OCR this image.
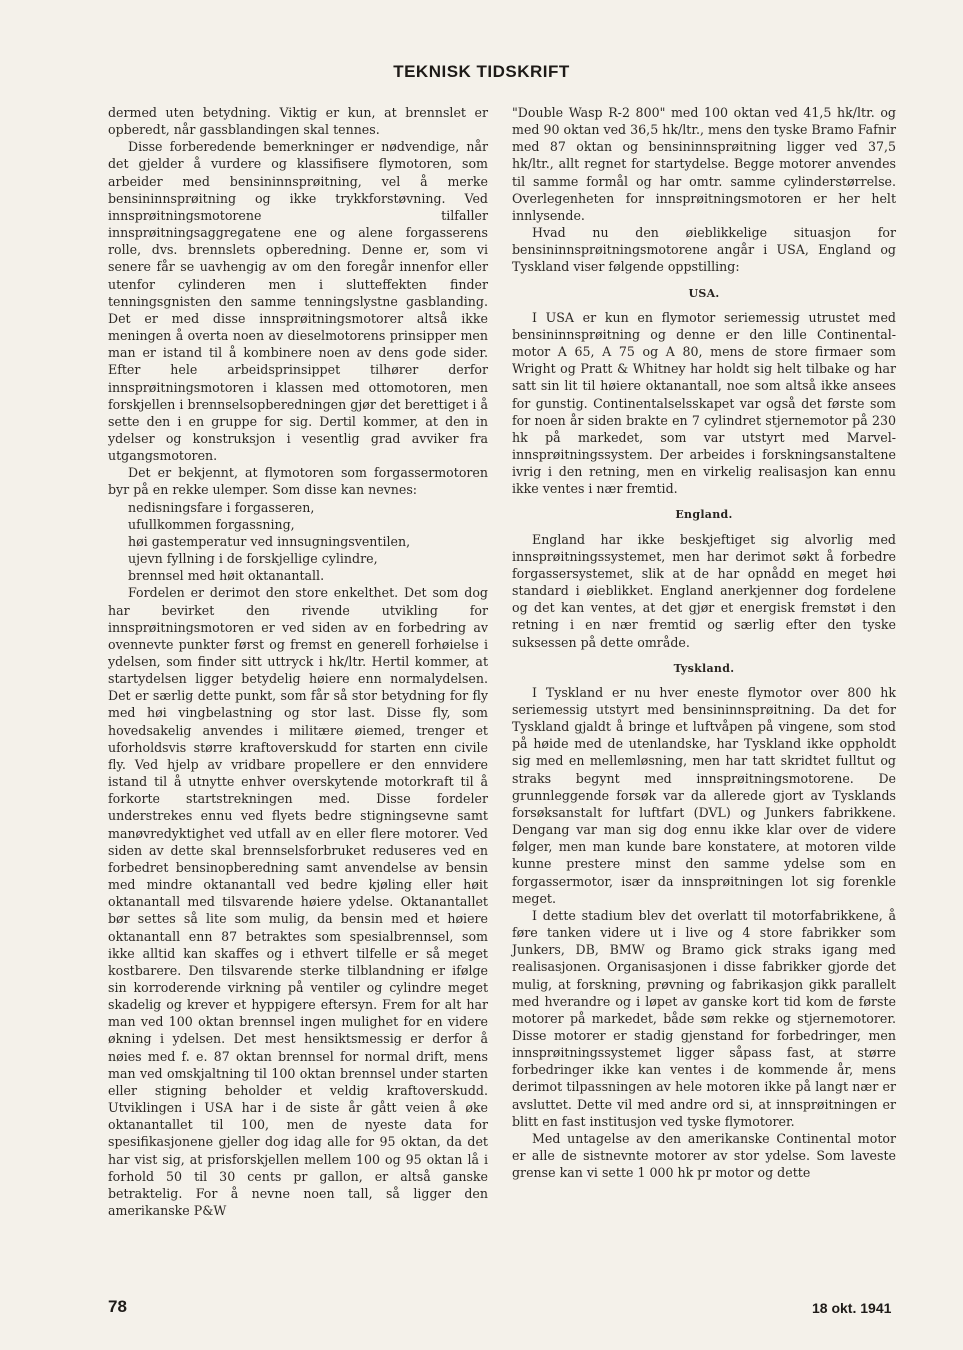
TEKNISK TIDSKRIFT

dermed uten betydning. Viktig er kun, at brennslet er opberedt, når gassblandingen skal tennes.

Disse forberedende bemerkninger er nødvendige, når det gjelder å vurdere og klassifisere flymotoren, som arbeider med bensininnsprøitning, vel å merke bensininnsprøitning og ikke trykkforstøvning. Ved innsprøitningsmotorene tilfaller innsprøitningsaggregatene ene og alene forgasserens rolle, dvs. brennslets opberedning. Denne er, som vi senere får se uavhengig av om den foregår innenfor eller utenfor cylinderen men i slutteffekten finder tenningsgnisten den samme tenningslystne gasblanding. Det er med disse innsprøitningsmotorer altså ikke meningen å overta noen av dieselmotorens prinsipper men man er istand til å kombinere noen av dens gode sider. Efter hele arbeidsprinsippet tilhører derfor innsprøitningsmotoren i klassen med ottomotoren, men forskjellen i brennselsopberedningen gjør det berettiget i å sette den i en gruppe for sig. Dertil kommer, at den in ydelser og konstruksjon i vesentlig grad avviker fra utgangsmotoren.

Det er bekjennt, at flymotoren som forgassermotoren byr på en rekke ulemper. Som disse kan nevnes:

nedisningsfare i forgasseren,
ufullkommen forgassning,
høi gastemperatur ved innsugningsventilen,
ujevn fyllning i de forskjellige cylindre,
brennsel med høit oktanantall.

Fordelen er derimot den store enkelthet. Det som dog har bevirket den rivende utvikling for innsprøitningsmotoren er ved siden av en forbedring av ovennevte punkter først og fremst en generell forhøielse i ydelsen, som finder sitt uttryck i hk/ltr. Hertil kommer, at startydelsen ligger betydelig høiere enn normalydelsen. Det er særlig dette punkt, som får så stor betydning for fly med høi vingbelastning og stor last. Disse fly, som hovedsakelig anvendes i militære øiemed, trenger et uforholdsvis større kraftoverskudd for starten enn civile fly. Ved hjelp av vridbare propellere er den ennvidere istand til å utnytte enhver overskytende motorkraft til å forkorte startstrekningen med. Disse fordeler understrekes ennu ved flyets bedre stigningsevne samt manøvredyktighet ved utfall av en eller flere motorer. Ved siden av dette skal brennselsforbruket reduseres ved en forbedret bensinopberedning samt anvendelse av bensin med mindre oktanantall ved bedre kjøling eller høit oktanantall med tilsvarende høiere ydelse. Oktanantallet bør settes så lite som mulig, da bensin med et høiere oktanantall enn 87 betraktes som spesialbrennsel, som ikke alltid kan skaffes og i ethvert tilfelle er så meget kostbarere. Den tilsvarende sterke tilblandning er ifølge sin korroderende virkning på ventiler og cylindre meget skadelig og krever et hyppigere eftersyn. Frem for alt har man ved 100 oktan brennsel ingen mulighet for en videre økning i ydelsen. Det mest hensiktsmessig er derfor å nøies med f. e. 87 oktan brennsel for normal drift, mens man ved omskjaltning til 100 oktan brennsel under starten eller stigning beholder et veldig kraftoverskudd. Utviklingen i USA har i de siste år gått veien å øke oktanantallet til 100, men de nyeste data for spesifikasjonene gjeller dog idag alle for 95 oktan, da det har vist sig, at prisforskjellen mellem 100 og 95 oktan lå i forhold 50 til 30 cents pr gallon, er altså ganske betraktelig. For å nevne noen tall, så ligger den amerikanske P&W

"Double Wasp R-2 800" med 100 oktan ved 41,5 hk/ltr. og med 90 oktan ved 36,5 hk/ltr., mens den tyske Bramo Fafnir med 87 oktan og bensininnsprøitning ligger ved 37,5 hk/ltr., allt regnet for startydelse. Begge motorer anvendes til samme formål og har omtr. samme cylinderstørrelse. Overlegenheten for innsprøitningsmotoren er her helt innlysende.

Hvad nu den øieblikkelige situasjon for bensininnsprøitningsmotorene angår i USA, England og Tyskland viser følgende oppstilling:

USA.

I USA er kun en flymotor seriemessig utrustet med bensininnsprøitning og denne er den lille Continental-motor A 65, A 75 og A 80, mens de store firmaer som Wright og Pratt & Whitney har holdt sig helt tilbake og har satt sin lit til høiere oktanantall, noe som altså ikke ansees for gunstig. Continentalselsskapet var også det første som for noen år siden brakte en 7 cylindret stjernemotor på 230 hk på markedet, som var utstyrt med Marvel-innsprøitningssystem. Der arbeides i forskningsanstaltene ivrig i den retning, men en virkelig realisasjon kan ennu ikke ventes i nær fremtid.

England.

England har ikke beskjeftiget sig alvorlig med innsprøitningssystemet, men har derimot søkt å forbedre forgassersystemet, slik at de har opnådd en meget høi standard i øieblikket. England anerkjenner dog fordelene og det kan ventes, at det gjør et energisk fremstøt i den retning i en nær fremtid og særlig efter den tyske suksessen på dette område.

Tyskland.

I Tyskland er nu hver eneste flymotor over 800 hk seriemessig utstyrt med bensininnsprøitning. Da det for Tyskland gjaldt å bringe et luftvåpen på vingene, som stod på høide med de utenlandske, har Tyskland ikke oppholdt sig med en mellemløsning, men har tatt skridtet fulltut og straks begynt med innsprøitningsmotorene. De grunnleggende forsøk var da allerede gjort av Tysklands forsøksanstalt for luftfart (DVL) og Junkers fabrikkene. Dengang var man sig dog ennu ikke klar over de videre følger, men man kunde bare konstatere, at motoren vilde kunne prestere minst den samme ydelse som en forgassermotor, især da innsprøitningen lot sig forenkle meget.

I dette stadium blev det overlatt til motorfabrikkene, å føre tanken videre ut i live og 4 store fabrikker som Junkers, DB, BMW og Bramo gick straks igang med realisasjonen. Organisasjonen i disse fabrikker gjorde det mulig, at forskning, prøvning og fabrikasjon gikk parallelt med hverandre og i løpet av ganske kort tid kom de første motorer på markedet, både søm rekke og stjernemotorer. Disse motorer er stadig gjenstand for forbedringer, men innsprøitningssystemet ligger såpass fast, at større forbedringer ikke kan ventes i de kommende år, mens derimot tilpassningen av hele motoren ikke på langt nær er avsluttet. Dette vil med andre ord si, at innsprøitningen er blitt en fast institusjon ved tyske flymotorer.

Med untagelse av den amerikanske Continental motor er alle de sistnevnte motorer av stor ydelse. Som laveste grense kan vi sette 1 000 hk pr motor og dette

78	18 okt. 1941
